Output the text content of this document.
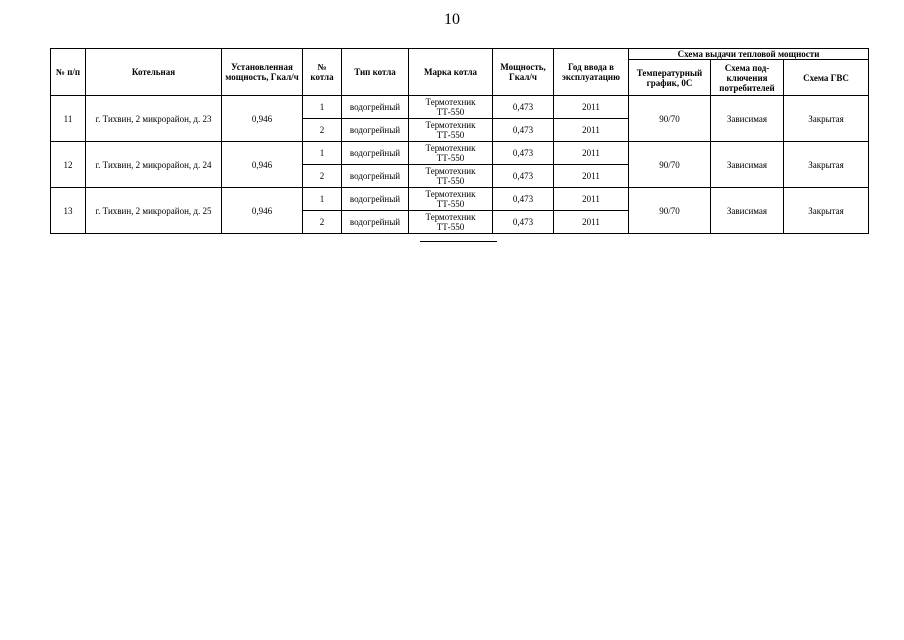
10
№ п/п	Котельная	Установленная мощность, Гкал/ч	№ котла	Тип котла	Марка котла	Мощность, Гкал/ч	Год ввода в эксплуатацию	Схема выдачи тепловой мощности		
								Температурный график, 0С	Схема под-ключения потребителей	Схема ГВС
11	г. Тихвин, 2 микрорайон, д. 23	0,946	1	водогрейный	Термотехник ТТ-550	0,473	2011	90/70	Зависимая	Закрытая
			2	водогрейный	Термотехник ТТ-550	0,473	2011			
12	г. Тихвин, 2 микрорайон, д. 24	0,946	1	водогрейный	Термотехник ТТ-550	0,473	2011	90/70	Зависимая	Закрытая
			2	водогрейный	Термотехник ТТ-550	0,473	2011			
13	г. Тихвин, 2 микрорайон, д. 25	0,946	1	водогрейный	Термотехник ТТ-550	0,473	2011	90/70	Зависимая	Закрытая
			2	водогрейный	Термотехник ТТ-550	0,473	2011			
